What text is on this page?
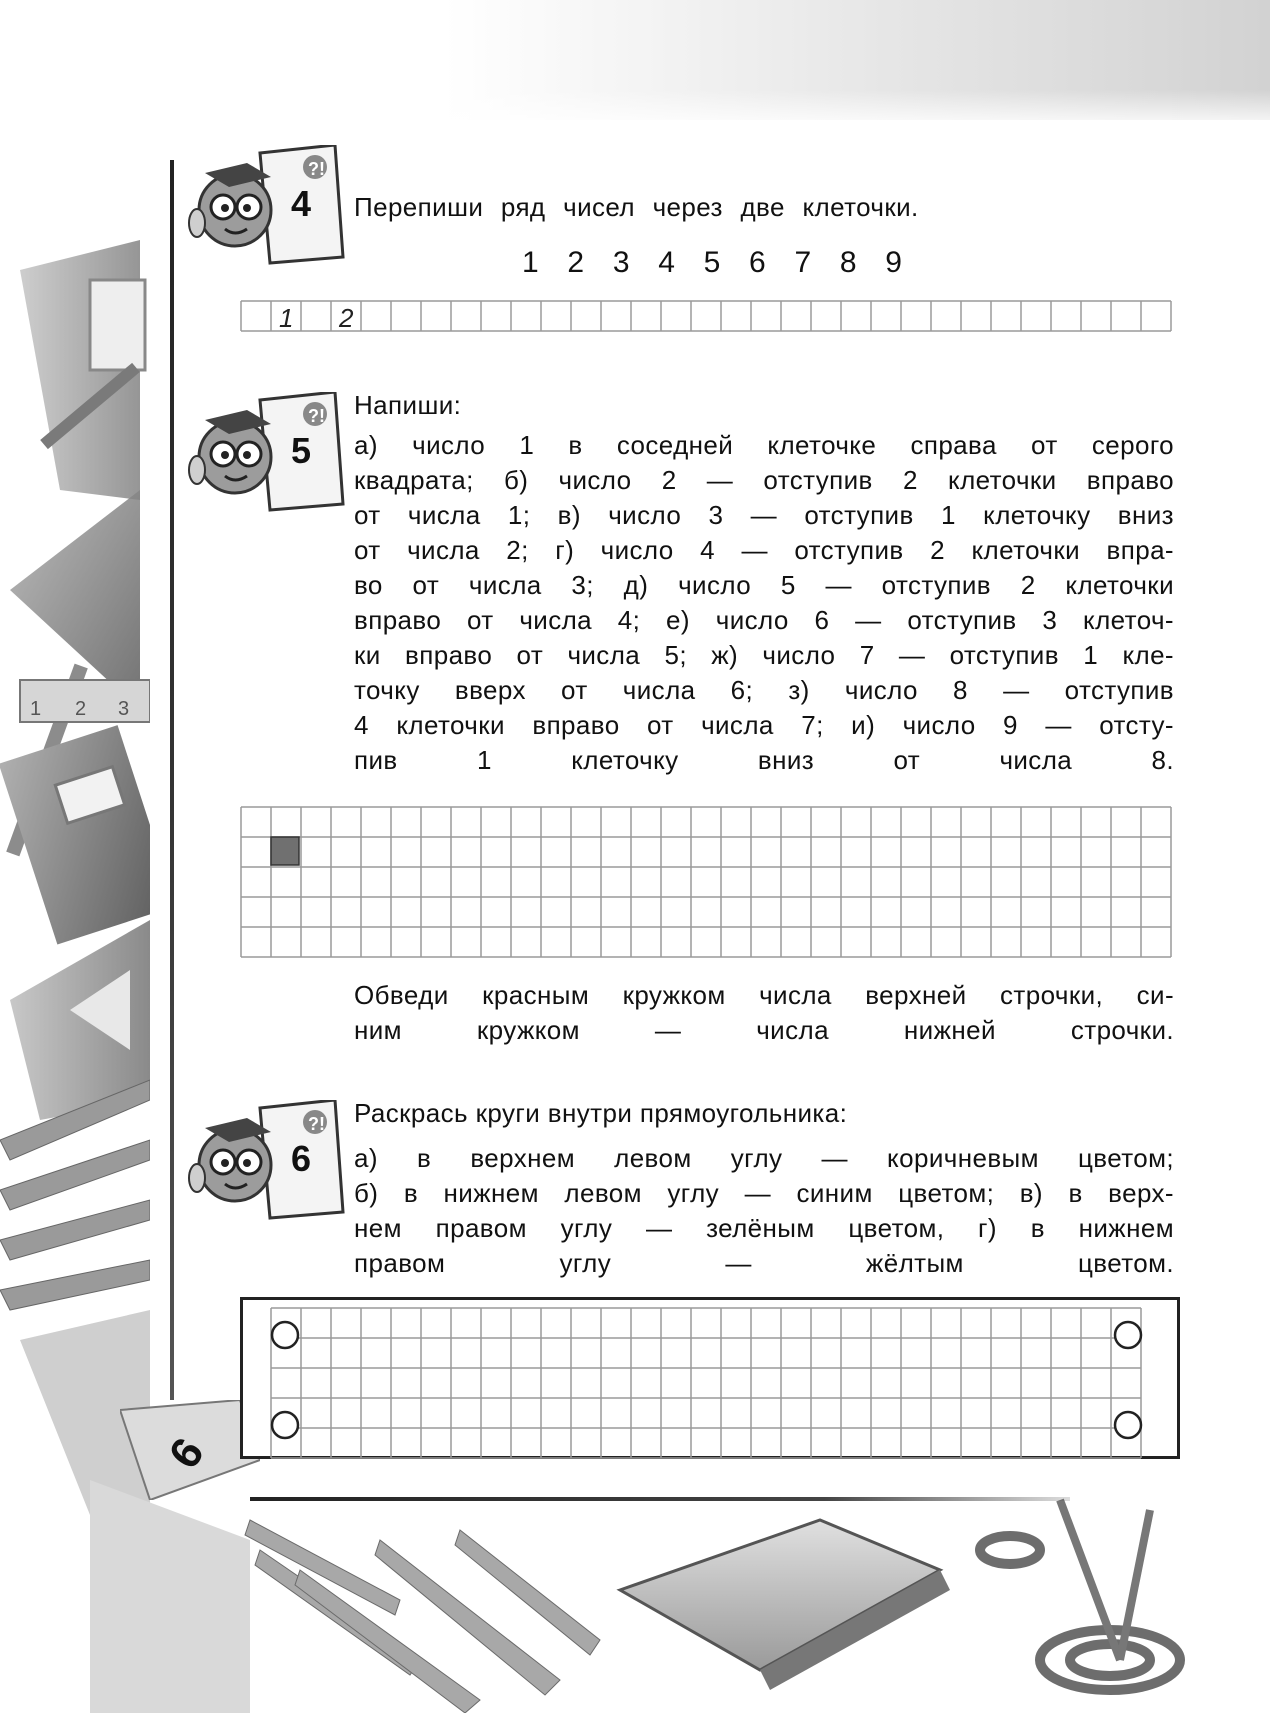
1 2 3
6
?!
4	Перепиши ряд чисел через две клеточки.
1 2 3 4 5 6 7 8 9
1 2
?!
5
Напиши:
а) число 1 в соседней клеточке справа от серого
квадрата; б) число 2 — отступив 2 клеточки вправо
от числа 1; в) число 3 — отступив 1 клеточку вниз
от числа 2; г) число 4 — отступив 2 клеточки впра-
во от числа 3; д) число 5 — отступив 2 клеточки
вправо от числа 4; е) число 6 — отступив 3 клеточ-
ки вправо от числа 5; ж) число 7 — отступив 1 кле-
точку вверх от числа 6; з) число 8 — отступив
4 клеточки вправо от числа 7; и) число 9 — отсту-
пив 1 клеточку вниз от числа 8.
Обведи красным кружком числа верхней строчки, си-
ним кружком — числа нижней строчки.
?!
6
Раскрась круги внутри прямоугольника:
а) в верхнем левом углу — коричневым цветом;
б) в нижнем левом углу — синим цветом; в) в верх-
нем правом углу — зелёным цветом, г) в нижнем
правом углу — жёлтым цветом.
